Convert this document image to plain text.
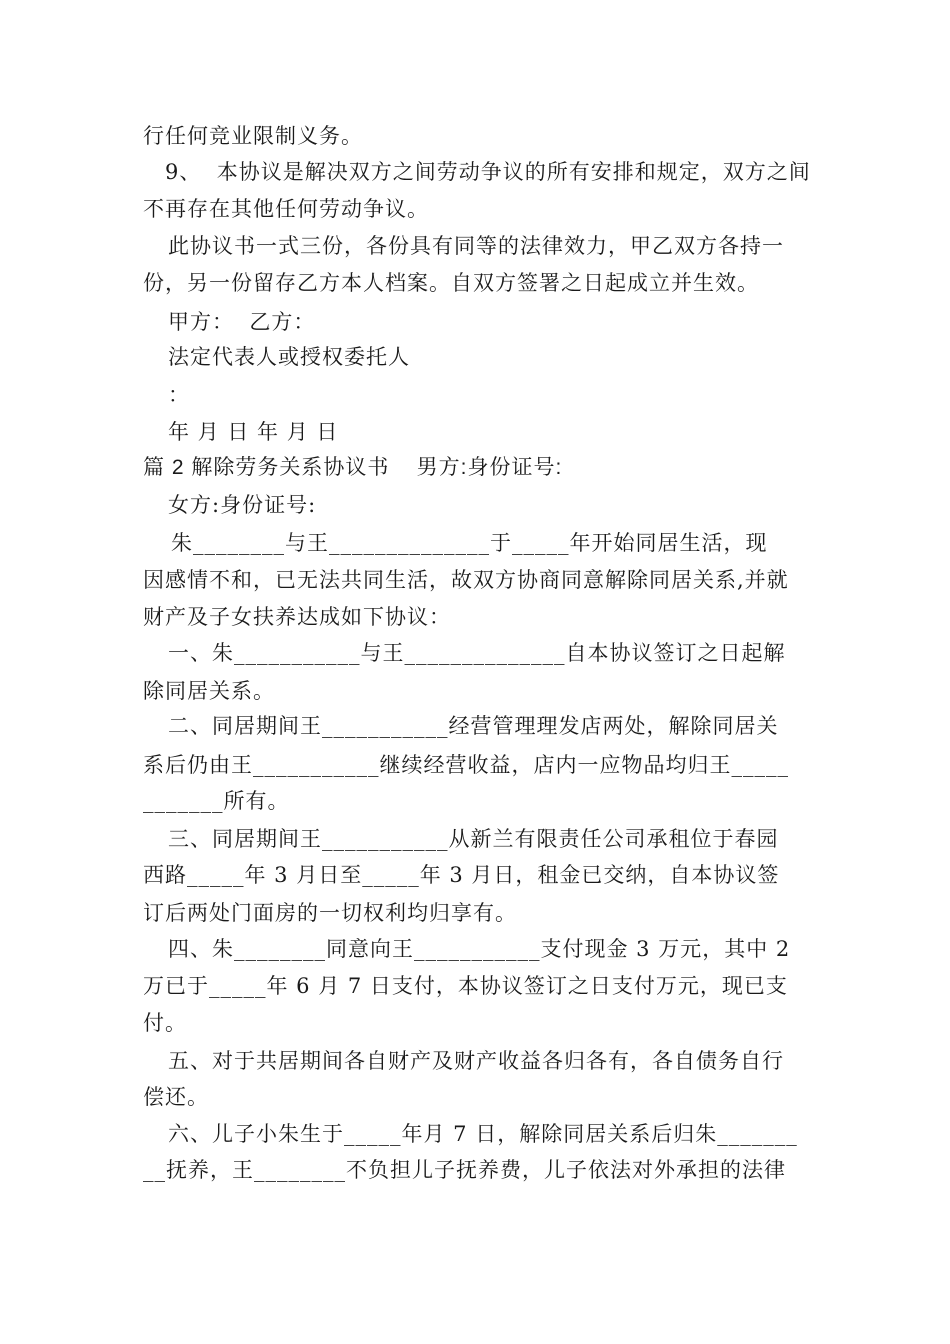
行任何竞业限制义务。
9、  本协议是解决双方之间劳动争议的所有安排和规定，双方之间
不再存在其他任何劳动争议。
此协议书一式三份，各份具有同等的法律效力，甲乙双方各持一
份，另一份留存乙方本人档案。自双方签署之日起成立并生效。
甲方：  乙方：
法定代表人或授权委托人
：
年 月 日 年 月 日
篇 2 解除劳务关系协议书    男方:身份证号:
女方:身份证号:
朱________与王______________于_____年开始同居生活，现
因感情不和，已无法共同生活，故双方协商同意解除同居关系,并就
财产及子女扶养达成如下协议：
一、朱___________与王______________自本协议签订之日起解
除同居关系。
二、同居期间王___________经营管理理发店两处，解除同居关
系后仍由王___________继续经营收益，店内一应物品均归王_____
_______所有。
三、同居期间王___________从新兰有限责任公司承租位于春园
西路_____年 3 月日至_____年 3 月日，租金已交纳，自本协议签
订后两处门面房的一切权利均归享有。
四、朱________同意向王___________支付现金 3 万元，其中 2
万已于_____年 6 月 7 日支付，本协议签订之日支付万元，现已支
付。
五、对于共居期间各自财产及财产收益各归各有，各自债务自行
偿还。
六、儿子小朱生于_____年月 7 日，解除同居关系后归朱_______
__抚养，王________不负担儿子抚养费，儿子依法对外承担的法律
